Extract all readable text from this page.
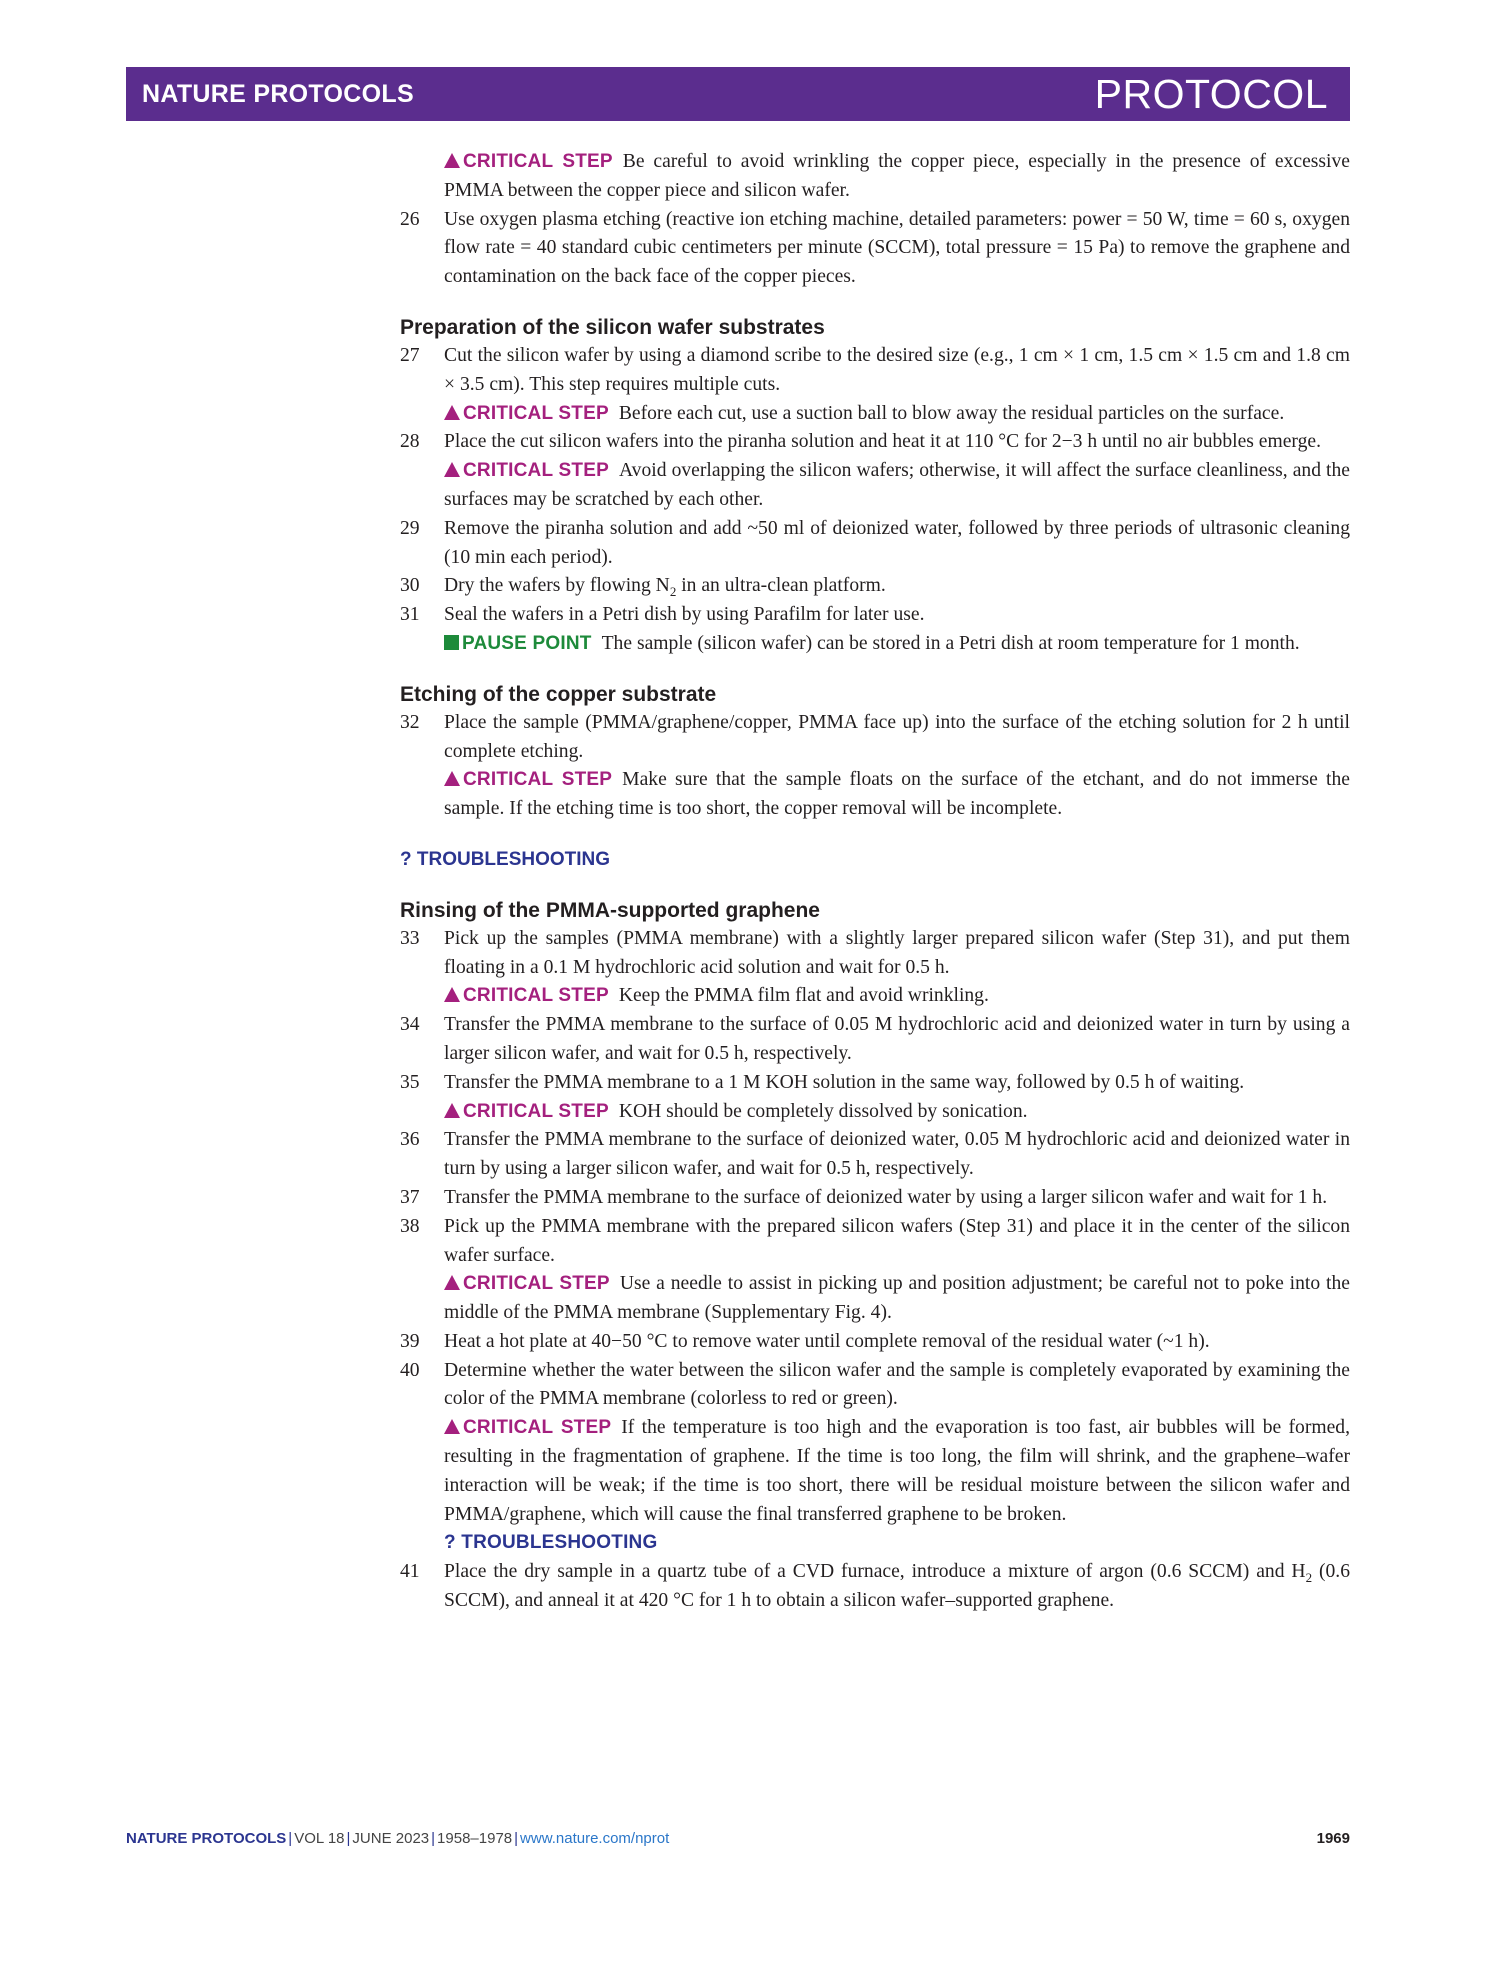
NATURE PROTOCOLS	PROTOCOL
CRITICAL STEP Be careful to avoid wrinkling the copper piece, especially in the presence of excessive PMMA between the copper piece and silicon wafer.
26	Use oxygen plasma etching (reactive ion etching machine, detailed parameters: power = 50 W, time = 60 s, oxygen flow rate = 40 standard cubic centimeters per minute (SCCM), total pressure = 15 Pa) to remove the graphene and contamination on the back face of the copper pieces.
Preparation of the silicon wafer substrates
27	Cut the silicon wafer by using a diamond scribe to the desired size (e.g., 1 cm × 1 cm, 1.5 cm × 1.5 cm and 1.8 cm × 3.5 cm). This step requires multiple cuts.
CRITICAL STEP Before each cut, use a suction ball to blow away the residual particles on the surface.
28	Place the cut silicon wafers into the piranha solution and heat it at 110 °C for 2−3 h until no air bubbles emerge.
CRITICAL STEP Avoid overlapping the silicon wafers; otherwise, it will affect the surface cleanliness, and the surfaces may be scratched by each other.
29	Remove the piranha solution and add ~50 ml of deionized water, followed by three periods of ultrasonic cleaning (10 min each period).
30	Dry the wafers by flowing $N_2$ in an ultra-clean platform.
31	Seal the wafers in a Petri dish by using Parafilm for later use.
PAUSE POINT The sample (silicon wafer) can be stored in a Petri dish at room temperature for 1 month.
Etching of the copper substrate
32	Place the sample (PMMA/graphene/copper, PMMA face up) into the surface of the etching solution for 2 h until complete etching.
CRITICAL STEP Make sure that the sample floats on the surface of the etchant, and do not immerse the sample. If the etching time is too short, the copper removal will be incomplete.
? TROUBLESHOOTING
Rinsing of the PMMA-supported graphene
33	Pick up the samples (PMMA membrane) with a slightly larger prepared silicon wafer (Step 31), and put them floating in a 0.1 M hydrochloric acid solution and wait for 0.5 h.
CRITICAL STEP Keep the PMMA film flat and avoid wrinkling.
34	Transfer the PMMA membrane to the surface of 0.05 M hydrochloric acid and deionized water in turn by using a larger silicon wafer, and wait for 0.5 h, respectively.
35	Transfer the PMMA membrane to a 1 M KOH solution in the same way, followed by 0.5 h of waiting.
CRITICAL STEP KOH should be completely dissolved by sonication.
36	Transfer the PMMA membrane to the surface of deionized water, 0.05 M hydrochloric acid and deionized water in turn by using a larger silicon wafer, and wait for 0.5 h, respectively.
37	Transfer the PMMA membrane to the surface of deionized water by using a larger silicon wafer and wait for 1 h.
38	Pick up the PMMA membrane with the prepared silicon wafers (Step 31) and place it in the center of the silicon wafer surface.
CRITICAL STEP Use a needle to assist in picking up and position adjustment; be careful not to poke into the middle of the PMMA membrane (Supplementary Fig. 4).
39	Heat a hot plate at 40−50 °C to remove water until complete removal of the residual water (~1 h).
40	Determine whether the water between the silicon wafer and the sample is completely evaporated by examining the color of the PMMA membrane (colorless to red or green).
CRITICAL STEP If the temperature is too high and the evaporation is too fast, air bubbles will be formed, resulting in the fragmentation of graphene. If the time is too long, the film will shrink, and the graphene–wafer interaction will be weak; if the time is too short, there will be residual moisture between the silicon wafer and PMMA/graphene, which will cause the final transferred graphene to be broken.
? TROUBLESHOOTING
41	Place the dry sample in a quartz tube of a CVD furnace, introduce a mixture of argon (0.6 SCCM) and $H_2$ (0.6 SCCM), and anneal it at 420 °C for 1 h to obtain a silicon wafer–supported graphene.
NATURE PROTOCOLS | VOL 18 | JUNE 2023 | 1958–1978 | www.nature.com/nprot	1969
